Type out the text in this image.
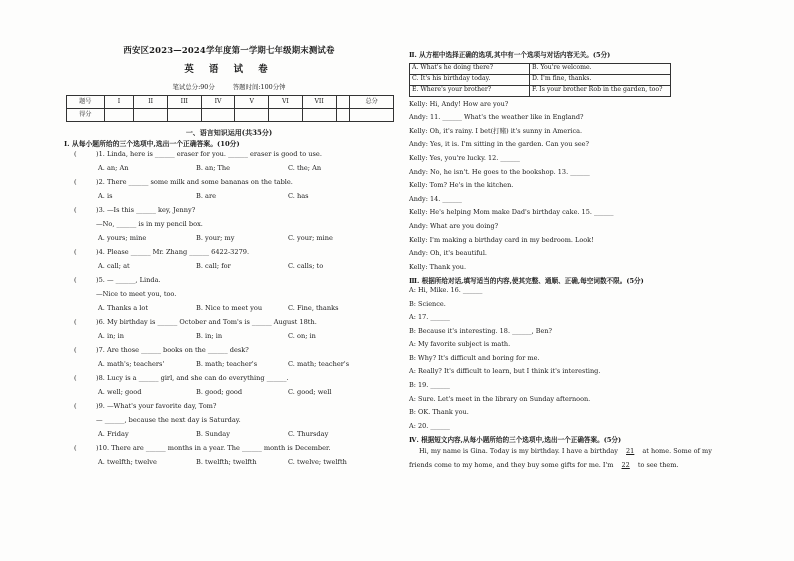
西安区2023—2024学年度第一学期七年级期末测试卷
英 语 试 卷
笔试总分:90分 答题时间:100分钟
题号	I	II	III	IV	V	VI	VII		总分
得分									
一、语言知识运用(共35分)
Ⅰ. 从每小题所给的三个选项中,选出一个正确答案。(10分)
(	)1. Linda, here is ______ eraser for you. ______ eraser is good to use.
A. an; An	B. an; The	C. the; An
(	)2. There ______ some milk and some bananas on the table.
A. is	B. are	C. has
(	)3. —Is this ______ key, Jenny?
—No, ______ is in my pencil box.
A. yours; mine	B. your; my	C. your; mine
(	)4. Please ______ Mr. Zhang ______ 6422-3279.
A. call; at	B. call; for	C. calls; to
(	)5. — ______, Linda.
—Nice to meet you, too.
A. Thanks a lot	B. Nice to meet you	C. Fine, thanks
(	)6. My birthday is ______ October and Tom's is ______ August 18th.
A. in; in	B. in; in	C. on; in
(	)7. Are those ______ books on the ______ desk?
A. math's; teachers'	B. math; teacher's	C. math; teacher's
(	)8. Lucy is a ______ girl, and she can do everything ______.
A. well; good	B. good; good	C. good; well
(	)9. —What's your favorite day, Tom?
— ______, because the next day is Saturday.
A. Friday	B. Sunday	C. Thursday
(	)10. There are ______ months in a year. The ______ month is December.
A. twelfth; twelve	B. twelfth; twelfth	C. twelve; twelfth
Ⅱ. 从方框中选择正确的选项,其中有一个选项与对话内容无关。(5分)
A. What's he doing there?	B. You're welcome.
C. It's his birthday today.	D. I'm fine, thanks.
E. Where's your brother?	F. Is your brother Rob in the garden, too?
Kelly: Hi, Andy! How are you?
Andy: 11. ______ What's the weather like in England?
Kelly: Oh, it's rainy. I bet(打赌) it's sunny in America.
Andy: Yes, it is. I'm sitting in the garden. Can you see?
Kelly: Yes, you're lucky. 12. ______
Andy: No, he isn't. He goes to the bookshop. 13. ______
Kelly: Tom? He's in the kitchen.
Andy: 14. ______
Kelly: He's helping Mom make Dad's birthday cake. 15. ______
Andy: What are you doing?
Kelly: I'm making a birthday card in my bedroom. Look!
Andy: Oh, it's beautiful.
Kelly: Thank you.
Ⅲ. 根据所给对话,填写适当的内容,使其完整、通顺、正确,每空词数不限。(5分)
A: Hi, Mike. 16. ______
B: Science.
A: 17. ______
B: Because it's interesting. 18. ______, Ben?
A: My favorite subject is math.
B: Why? It's difficult and boring for me.
A: Really? It's difficult to learn, but I think it's interesting.
B: 19. ______
A: Sure. Let's meet in the library on Sunday afternoon.
B: OK. Thank you.
A: 20. ______
Ⅳ. 根据短文内容,从每小题所给的三个选项中,选出一个正确答案。(5分)
Hi, my name is Gina. Today is my birthday. I have a birthday 21 at home. Some of my
friends come to my home, and they buy some gifts for me. I'm 22 to see them.
